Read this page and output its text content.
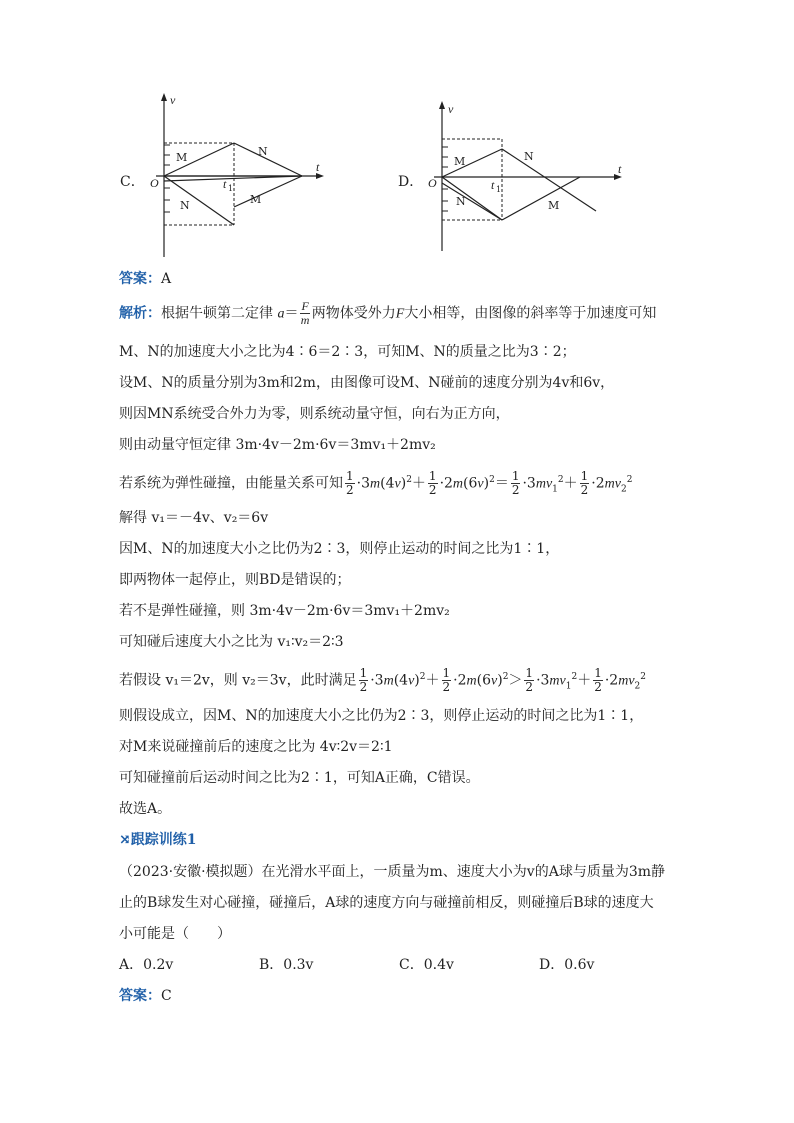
C．
v
t
O	t 1
M	N
N	M
D．
v
t
O	t 1
M	N
N	M
答案：A
解析：根据牛顿第二定律 $a= \frac{F}{m}$ 两物体受外力F大小相等，由图像的斜率等于加速度可知
M、N的加速度大小之比为4∶6＝2∶3，可知M、N的质量之比为3∶2；
设M、N的质量分别为3m和2m，由图像可设M、N碰前的速度分别为4v和6v，
则因MN系统受合外力为零，则系统动量守恒，向右为正方向，
则由动量守恒定律 3m·4v－2m·6v＝3mv₁＋2mv₂
若系统为弹性碰撞，由能量关系可知 $\frac{1}{2} \cdot 3m(4v)^2+ \frac{1}{2} \cdot 2m(6v)^2= \frac{1}{2} \cdot 3mv_1^2+ \frac{1}{2} \cdot 2mv_2^2$
解得 v₁＝－4v、v₂＝6v
因M、N的加速度大小之比仍为2∶3，则停止运动的时间之比为1∶1，
即两物体一起停止，则BD是错误的；
若不是弹性碰撞，则 3m·4v－2m·6v＝3mv₁＋2mv₂
可知碰后速度大小之比为 v₁∶v₂＝2∶3
若假设 v₁＝2v，则 v₂＝3v，此时满足 $\frac{1}{2} \cdot 3m(4v)^2+ \frac{1}{2} \cdot 2m(6v)^2> \frac{1}{2} \cdot 3mv_1^2+ \frac{1}{2} \cdot 2mv_2^2$
则假设成立，因M、N的加速度大小之比仍为2∶3，则停止运动的时间之比为1∶1，
对M来说碰撞前后的速度之比为 4v∶2v＝2∶1
可知碰撞前后运动时间之比为2∶1，可知A正确，C错误。
故选A。
⤨跟踪训练1
（2023·安徽·模拟题）在光滑水平面上，一质量为m、速度大小为v的A球与质量为3m静
止的B球发生对心碰撞，碰撞后，A球的速度方向与碰撞前相反，则碰撞后B球的速度大
小可能是（　　）
A．0.2v	B．0.3v	C．0.4v	D．0.6v
答案：C
